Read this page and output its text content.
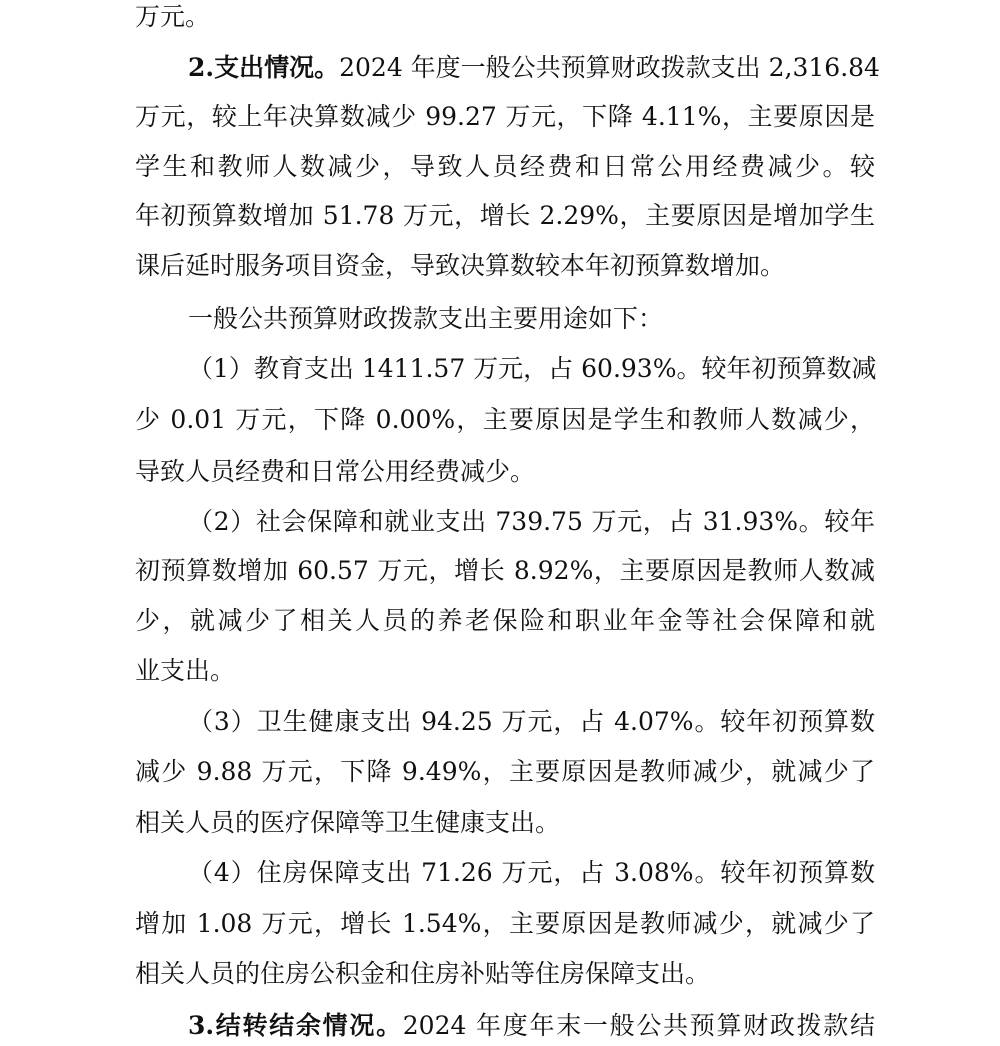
万元。
2.支出情况。2024 年度一般公共预算财政拨款支出 2,316.84
万元，较上年决算数减少 99.27 万元，下降 4.11%，主要原因是
学生和教师人数减少，导致人员经费和日常公用经费减少。较
年初预算数增加 51.78 万元，增长 2.29%，主要原因是增加学生
课后延时服务项目资金，导致决算数较本年初预算数增加。
一般公共预算财政拨款支出主要用途如下：
（1）教育支出 1411.57 万元，占 60.93%。较年初预算数减
少 0.01 万元，下降 0.00%，主要原因是学生和教师人数减少，
导致人员经费和日常公用经费减少。
（2）社会保障和就业支出 739.75 万元，占 31.93%。较年
初预算数增加 60.57 万元，增长 8.92%，主要原因是教师人数减
少，就减少了相关人员的养老保险和职业年金等社会保障和就
业支出。
（3）卫生健康支出 94.25 万元，占 4.07%。较年初预算数
减少 9.88 万元，下降 9.49%，主要原因是教师减少，就减少了
相关人员的医疗保障等卫生健康支出。
（4）住房保障支出 71.26 万元，占 3.08%。较年初预算数
增加 1.08 万元，增长 1.54%，主要原因是教师减少，就减少了
相关人员的住房公积金和住房补贴等住房保障支出。
3.结转结余情况。2024 年度年末一般公共预算财政拨款结
